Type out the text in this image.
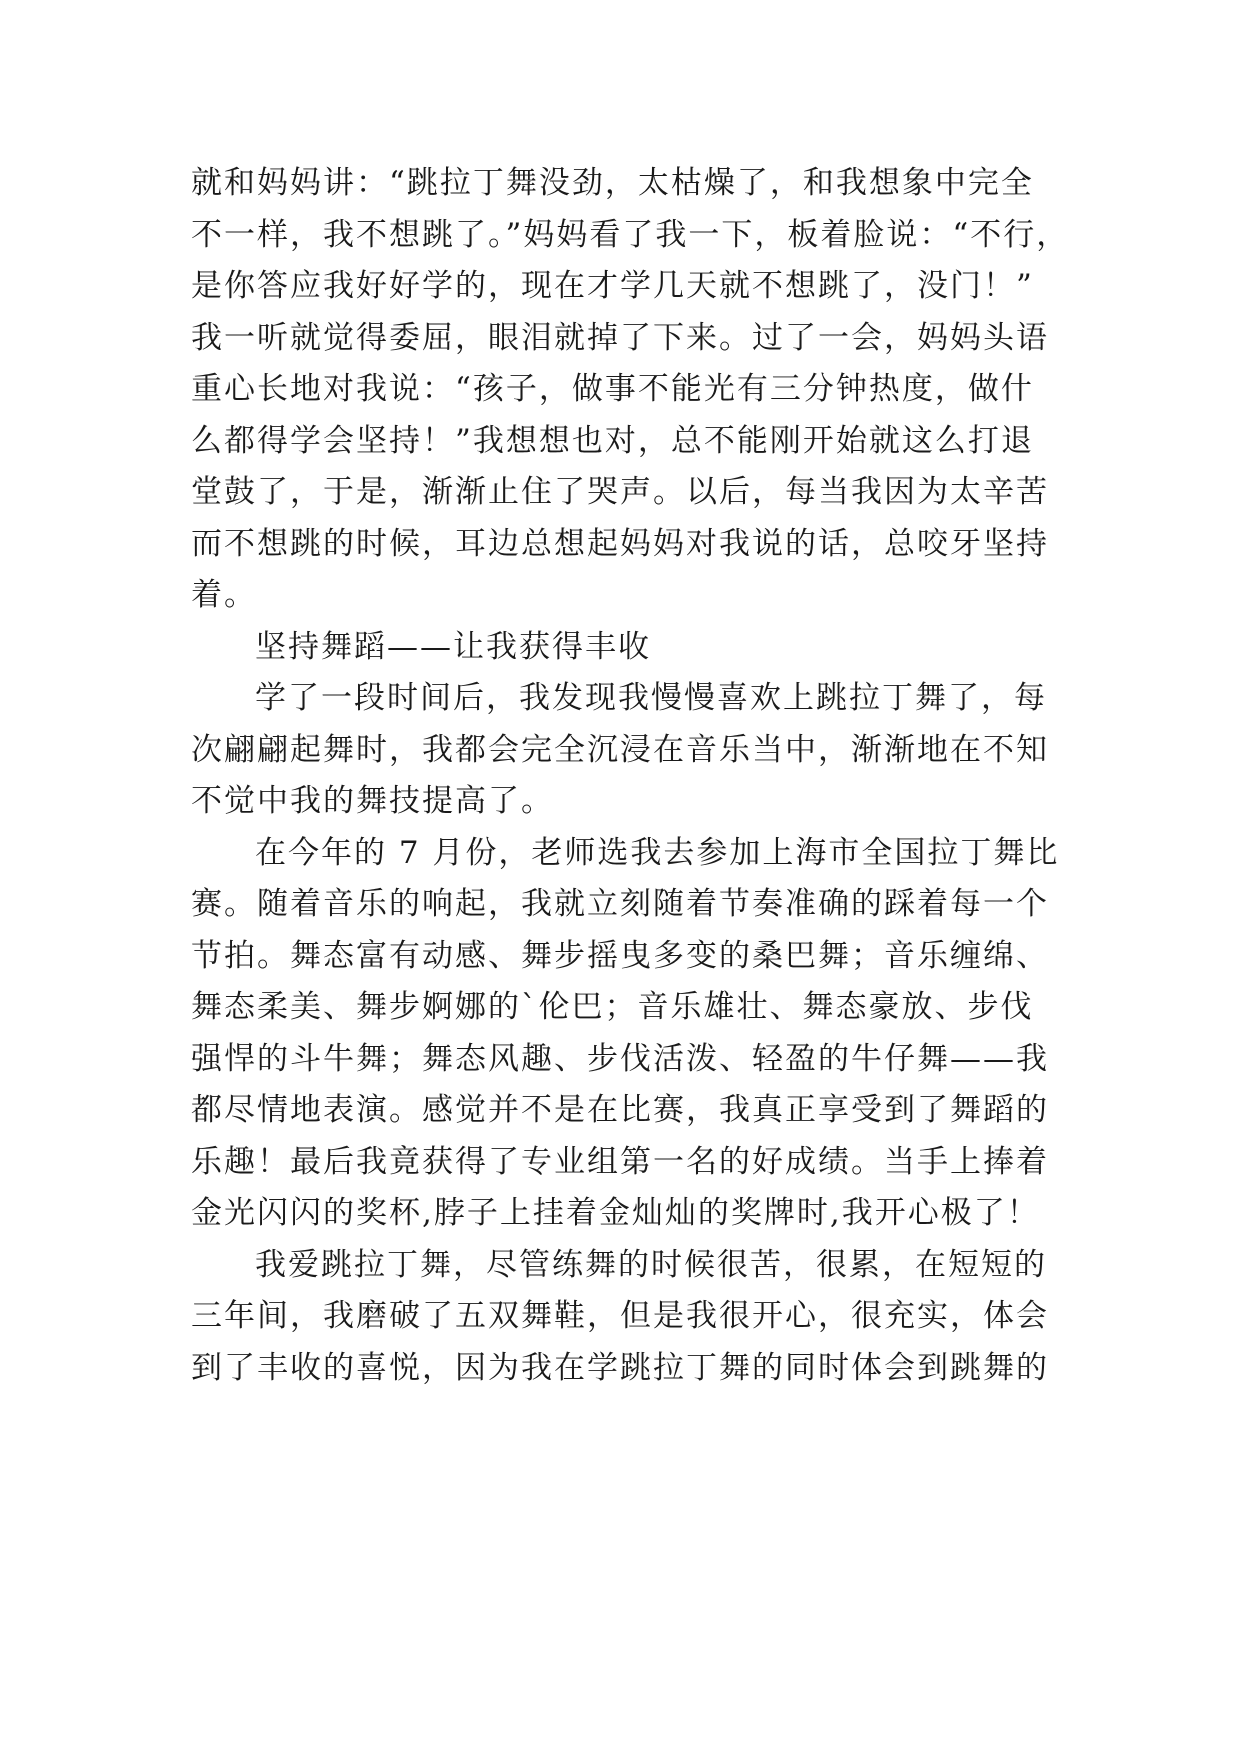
就和妈妈讲：“跳拉丁舞没劲，太枯燥了，和我想象中完全
不一样，我不想跳了。”妈妈看了我一下，板着脸说：“不行，
是你答应我好好学的，现在才学几天就不想跳了，没门！”
我一听就觉得委屈，眼泪就掉了下来。过了一会，妈妈头语
重心长地对我说：“孩子，做事不能光有三分钟热度，做什
么都得学会坚持！”我想想也对，总不能刚开始就这么打退
堂鼓了，于是，渐渐止住了哭声。以后，每当我因为太辛苦
而不想跳的时候，耳边总想起妈妈对我说的话，总咬牙坚持
着。
坚持舞蹈——让我获得丰收
学了一段时间后，我发现我慢慢喜欢上跳拉丁舞了，每
次翩翩起舞时，我都会完全沉浸在音乐当中，渐渐地在不知
不觉中我的舞技提高了。
在今年的 7 月份，老师选我去参加上海市全国拉丁舞比
赛。随着音乐的响起，我就立刻随着节奏准确的踩着每一个
节拍。舞态富有动感、舞步摇曳多变的桑巴舞；音乐缠绵、
舞态柔美、舞步婀娜的`伦巴；音乐雄壮、舞态豪放、步伐
强悍的斗牛舞；舞态风趣、步伐活泼、轻盈的牛仔舞——我
都尽情地表演。感觉并不是在比赛，我真正享受到了舞蹈的
乐趣！最后我竟获得了专业组第一名的好成绩。当手上捧着
金光闪闪的奖杯,脖子上挂着金灿灿的奖牌时,我开心极了！
我爱跳拉丁舞，尽管练舞的时候很苦，很累，在短短的
三年间，我磨破了五双舞鞋，但是我很开心，很充实，体会
到了丰收的喜悦，因为我在学跳拉丁舞的同时体会到跳舞的
